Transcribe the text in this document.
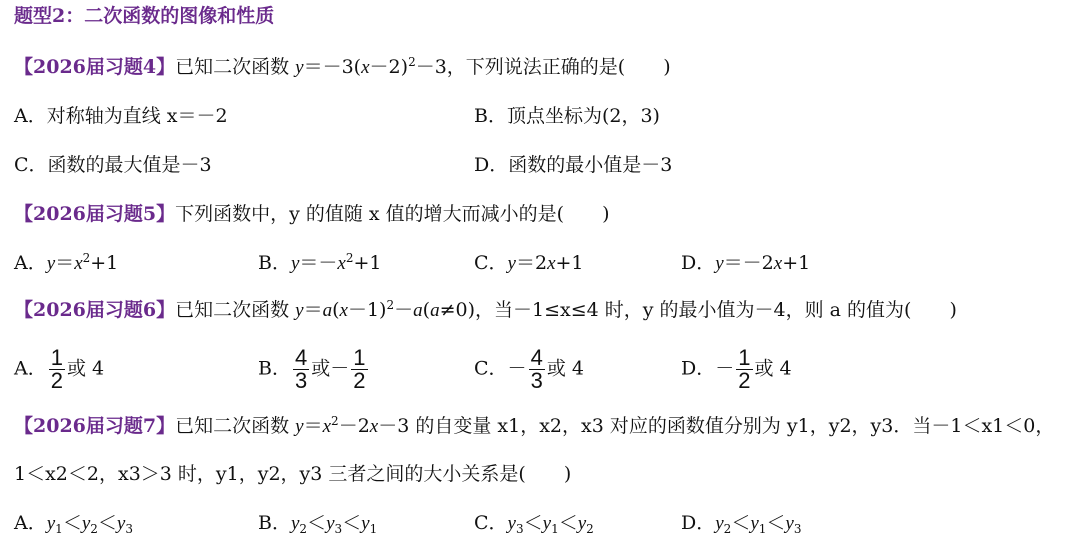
题型2：二次函数的图像和性质
【2026届习题4】已知二次函数 $y=-3(x-2)^2-3$，下列说法正确的是(　　)
A．对称轴为直线 x＝－2	B．顶点坐标为(2，3)
C．函数的最大值是－3	D．函数的最小值是－3
【2026届习题5】下列函数中，y 的值随 x 值的增大而减小的是(　　)
A．$y=x^2+1$	B．$y=-x^2+1$	C．y＝2x+1	D．y＝－2x+1
【2026届习题6】已知二次函数 $y=a(x-1)^2-a(a\ne 0)$，当－1≤x≤4 时，y 的最小值为－4，则 a 的值为(　　)
A． $\frac{1}{2}$ 或 4	B． $\frac{4}{3}$ 或－ $\frac{1}{2}$	C．－ $\frac{4}{3}$ 或 4	D．－ $\frac{1}{2}$ 或 4
【2026届习题7】已知二次函数 $y=x^2-2x-3$ 的自变量 x1，x2，x3 对应的函数值分别为 y1，y2，y3．当－1＜x1＜0，
1＜x2＜2，x3＞3 时，y1，y2，y3 三者之间的大小关系是(　　)
A．$y_1<y_2<y_3$	B．$y_2<y_3<y_1$	C．$y_3<y_1<y_2$	D．$y_2<y_1<y_3$
